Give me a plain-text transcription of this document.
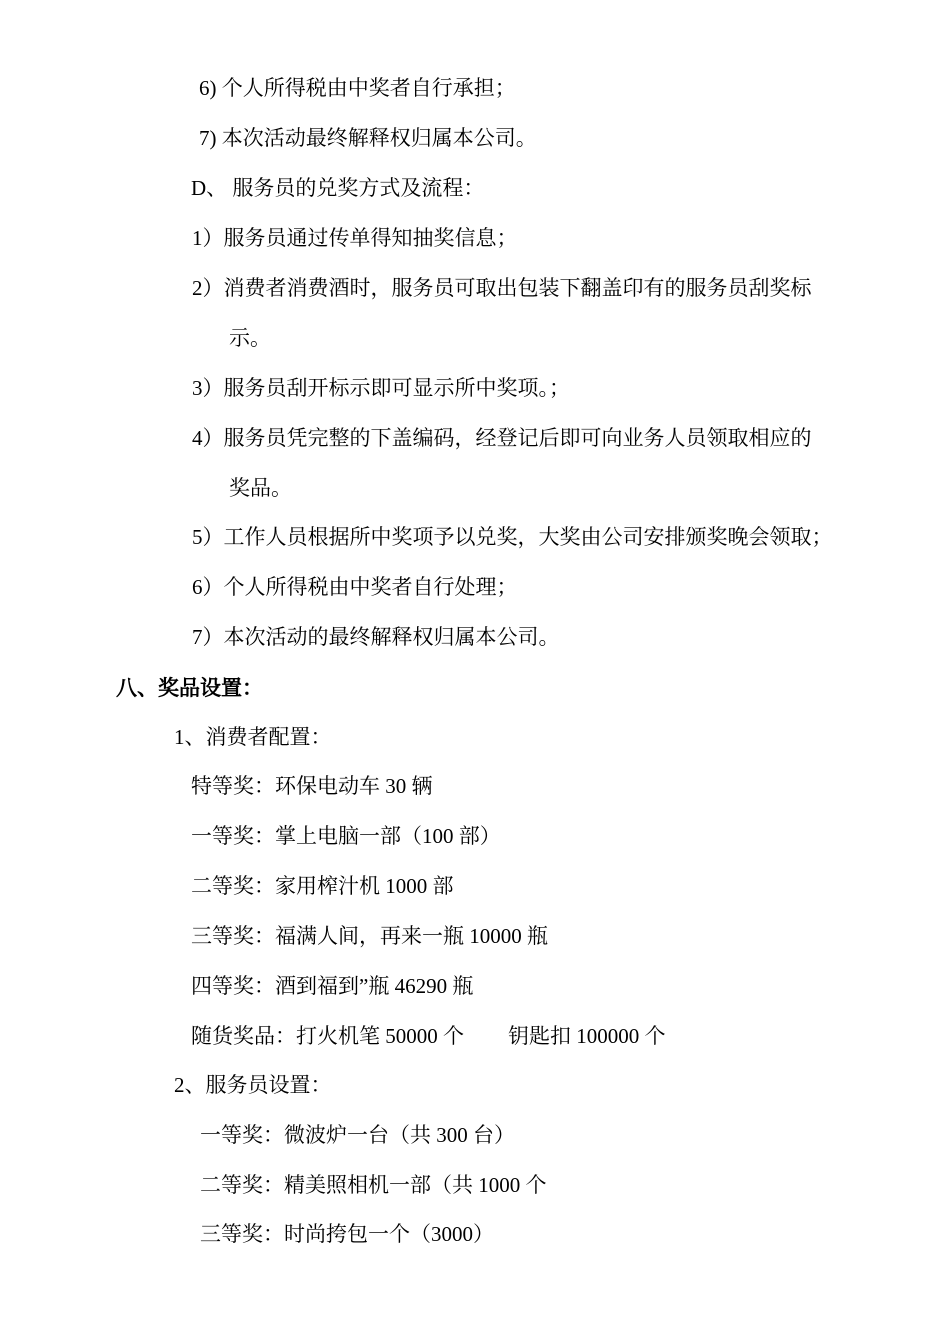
6) 个人所得税由中奖者自行承担；
7) 本次活动最终解释权归属本公司。
D、 服务员的兑奖方式及流程：
1）服务员通过传单得知抽奖信息；
2）消费者消费酒时，服务员可取出包装下翻盖印有的服务员刮奖标
示。
3）服务员刮开标示即可显示所中奖项。；
4）服务员凭完整的下盖编码，经登记后即可向业务人员领取相应的
奖品。
5）工作人员根据所中奖项予以兑奖，大奖由公司安排颁奖晚会领取；
6）个人所得税由中奖者自行处理；
7）本次活动的最终解释权归属本公司。
八、奖品设置：
1、消费者配置：
特等奖：环保电动车 30 辆
一等奖：掌上电脑一部（100 部）
二等奖：家用榨汁机 1000 部
三等奖：福满人间，再来一瓶 10000 瓶
四等奖：酒到福到”瓶 46290 瓶
随货奖品：打火机笔 50000 个 钥匙扣 100000 个
2、服务员设置：
一等奖：微波炉一台（共 300 台）
二等奖：精美照相机一部（共 1000 个
三等奖：时尚挎包一个（3000）
